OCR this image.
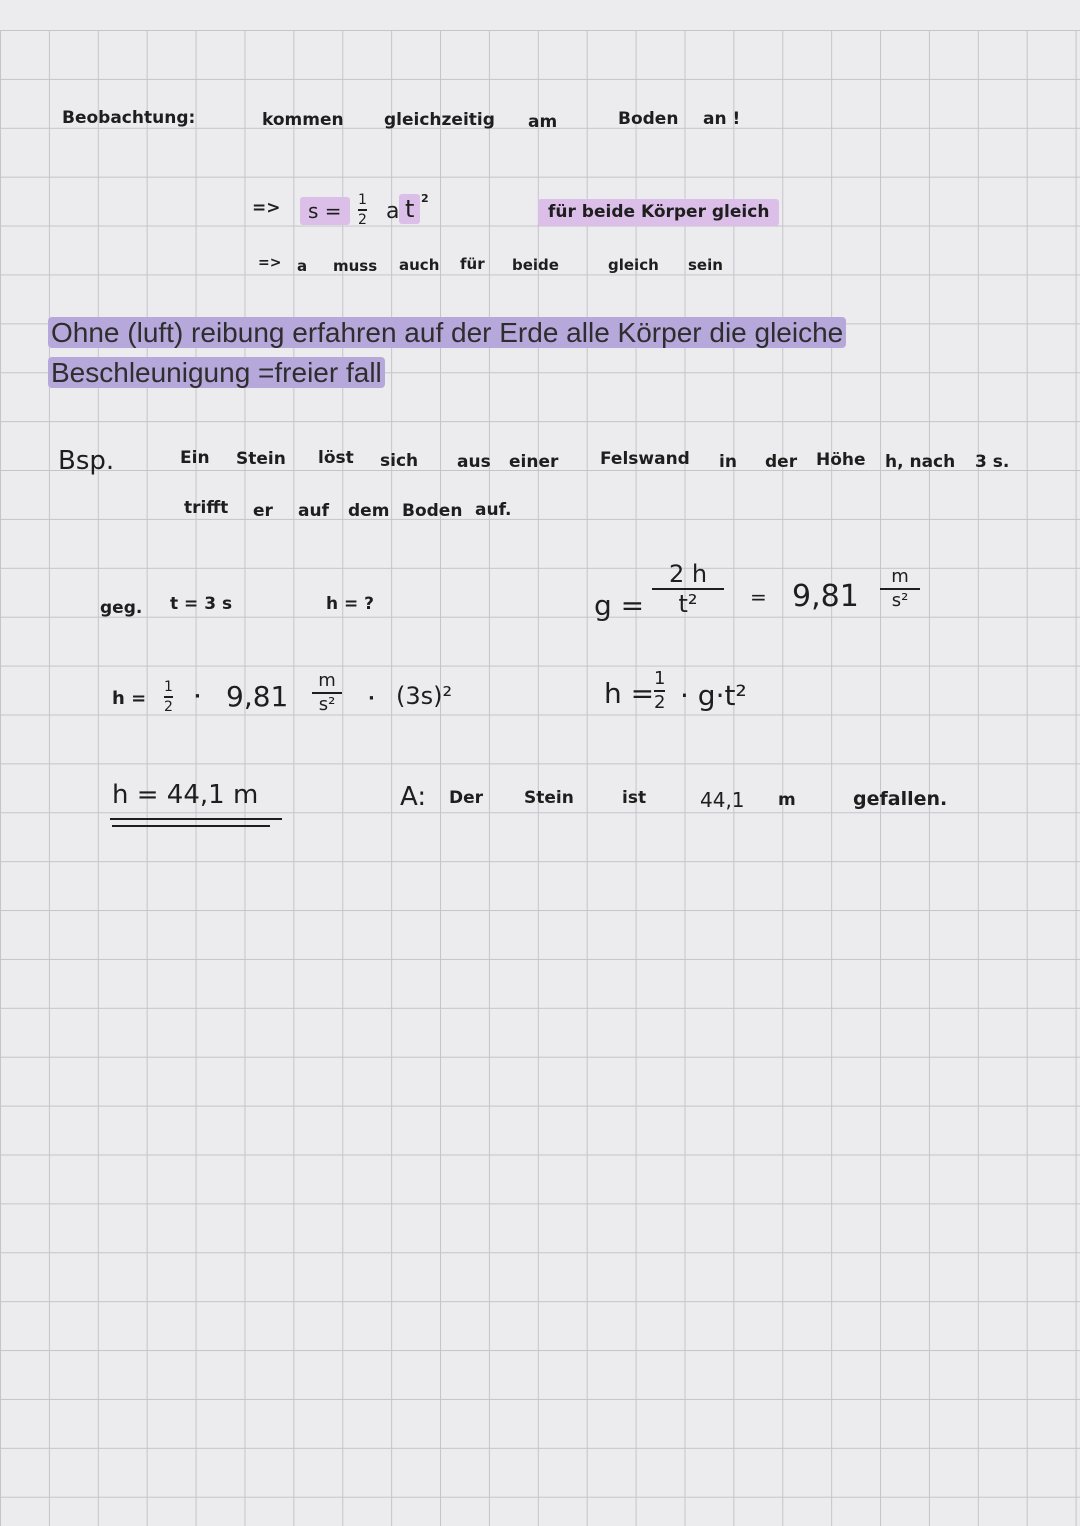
Beobachtung:	kommen gleichzeitig am	Boden an !
=>	s =	1
2 a t 2
für beide Körper gleich
=> a muss auch für beide	gleich sein
Ohne (luft) reibung erfahren auf der Erde alle Körper die gleiche
Beschleunigung =freier fall
Bsp.	Ein Stein löst sich aus einer Felswand in der Höhe h, nach 3 s.
trifft er auf dem Boden auf.
geg. t = 3 s	h = ?	g =
2 h
t²	= 9,81
m
s²
h =
1
2 · 9,81 m
s² · (3s)²	h = 1
2 · g·t²
h = 44,1 m	A: Der Stein	ist	44,1 m	gefallen.
